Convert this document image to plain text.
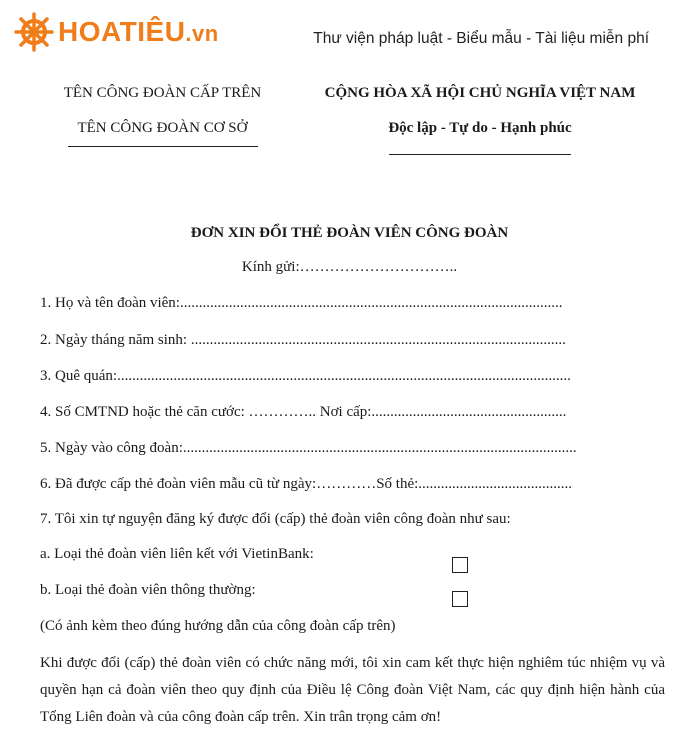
HOATIÊU.vn	Thư viện pháp luật - Biểu mẫu - Tài liệu miễn phí
TÊN CÔNG ĐOÀN CẤP TRÊN
TÊN CÔNG ĐOÀN CƠ SỞ
CỘNG HÒA XÃ HỘI CHỦ NGHĨA VIỆT NAM
Độc lập - Tự do - Hạnh phúc
ĐƠN XIN ĐỔI THẺ ĐOÀN VIÊN CÔNG ĐOÀN
Kính gửi:…………………………..
1. Họ và tên đoàn viên:......................................................................................................
2. Ngày tháng năm sinh: ....................................................................................................
3. Quê quán:.........................................................................................................................
4. Số CMTND hoặc thẻ căn cước: ………….. Nơi cấp:....................................................
5. Ngày vào công đoàn:.........................................................................................................
6. Đã được cấp thẻ đoàn viên mẫu cũ từ ngày:…………Số thẻ:.........................................
7. Tôi xin tự nguyện đăng ký được đổi (cấp) thẻ đoàn viên công đoàn như sau:
a. Loại thẻ đoàn viên liên kết với VietinBank:
b. Loại thẻ đoàn viên thông thường:
(Có ảnh kèm theo đúng hướng dẫn của công đoàn cấp trên)
Khi được đổi (cấp) thẻ đoàn viên có chức năng mới, tôi xin cam kết thực hiện nghiêm túc nhiệm vụ và quyền hạn cả đoàn viên theo quy định của Điều lệ Công đoàn Việt Nam, các quy định hiện hành của Tổng Liên đoàn và của công đoàn cấp trên. Xin trân trọng cảm ơn!
